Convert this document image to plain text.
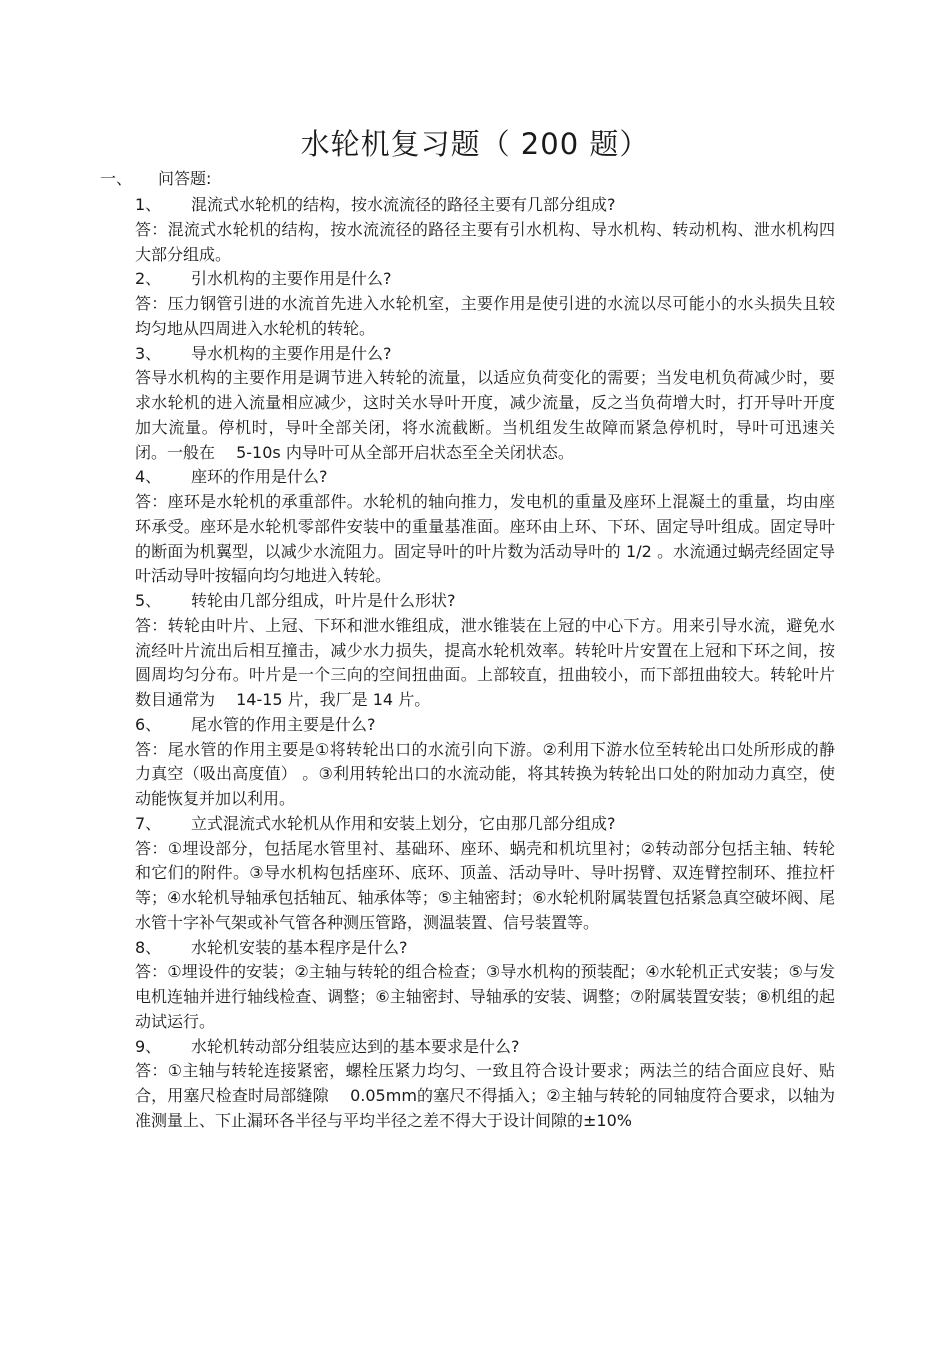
水轮机复习题（ 200 题）
一、 问答题:
1、 混流式水轮机的结构，按水流流径的路径主要有几部分组成?
答：混流式水轮机的结构，按水流流径的路径主要有引水机构、导水机构、转动机构、泄水机构四大部分组成。
2、 引水机构的主要作用是什么?
答：压力钢管引进的水流首先进入水轮机室，主要作用是使引进的水流以尽可能小的水头损失且较均匀地从四周进入水轮机的转轮。
3、 导水机构的主要作用是什么?
答导水机构的主要作用是调节进入转轮的流量，以适应负荷变化的需要；当发电机负荷减少时，要求水轮机的进入流量相应减少，这时关水导叶开度，减少流量，反之当负荷增大时，打开导叶开度加大流量。停机时，导叶全部关闭，将水流截断。当机组发生故障而紧急停机时，导叶可迅速关闭。一般在　 5-10s 内导叶可从全部开启状态至全关闭状态。
4、 座环的作用是什么?
答：座环是水轮机的承重部件。水轮机的轴向推力，发电机的重量及座环上混凝土的重量，均由座环承受。座环是水轮机零部件安装中的重量基准面。座环由上环、下环、固定导叶组成。固定导叶的断面为机翼型，以减少水流阻力。固定导叶的叶片数为活动导叶的 1/2 。水流通过蜗壳经固定导叶活动导叶按辐向均匀地进入转轮。
5、 转轮由几部分组成，叶片是什么形状?
答：转轮由叶片、上冠、下环和泄水锥组成，泄水锥装在上冠的中心下方。用来引导水流，避免水流经叶片流出后相互撞击，减少水力损失，提高水轮机效率。转轮叶片安置在上冠和下环之间，按圆周均匀分布。叶片是一个三向的空间扭曲面。上部较直，扭曲较小，而下部扭曲较大。转轮叶片数目通常为　 14-15 片，我厂是 14 片。
6、 尾水管的作用主要是什么?
答：尾水管的作用主要是①将转轮出口的水流引向下游。②利用下游水位至转轮出口处所形成的静力真空（吸出高度值） 。③利用转轮出口的水流动能，将其转换为转轮出口处的附加动力真空，使动能恢复并加以利用。
7、 立式混流式水轮机从作用和安装上划分，它由那几部分组成?
答：①埋设部分，包括尾水管里衬、基础环、座环、蜗壳和机坑里衬；②转动部分包括主轴、转轮和它们的附件。③导水机构包括座环、底环、顶盖、活动导叶、导叶拐臂、双连臂控制环、推拉杆等；④水轮机导轴承包括轴瓦、轴承体等；⑤主轴密封；⑥水轮机附属装置包括紧急真空破坏阀、尾水管十字补气架或补气管各种测压管路，测温装置、信号装置等。
8、 水轮机安装的基本程序是什么?
答：①埋设件的安装；②主轴与转轮的组合检查；③导水机构的预装配；④水轮机正式安装；⑤与发电机连轴并进行轴线检查、调整；⑥主轴密封、导轴承的安装、调整；⑦附属装置安装；⑧机组的起动试运行。
9、 水轮机转动部分组装应达到的基本要求是什么?
答：①主轴与转轮连接紧密，螺栓压紧力均匀、一致且符合设计要求；两法兰的结合面应良好、贴合，用塞尺检查时局部缝隙　 0.05mm的塞尺不得插入；②主轴与转轮的同轴度符合要求，以轴为准测量上、下止漏环各半径与平均半径之差不得大于设计间隙的±10%
